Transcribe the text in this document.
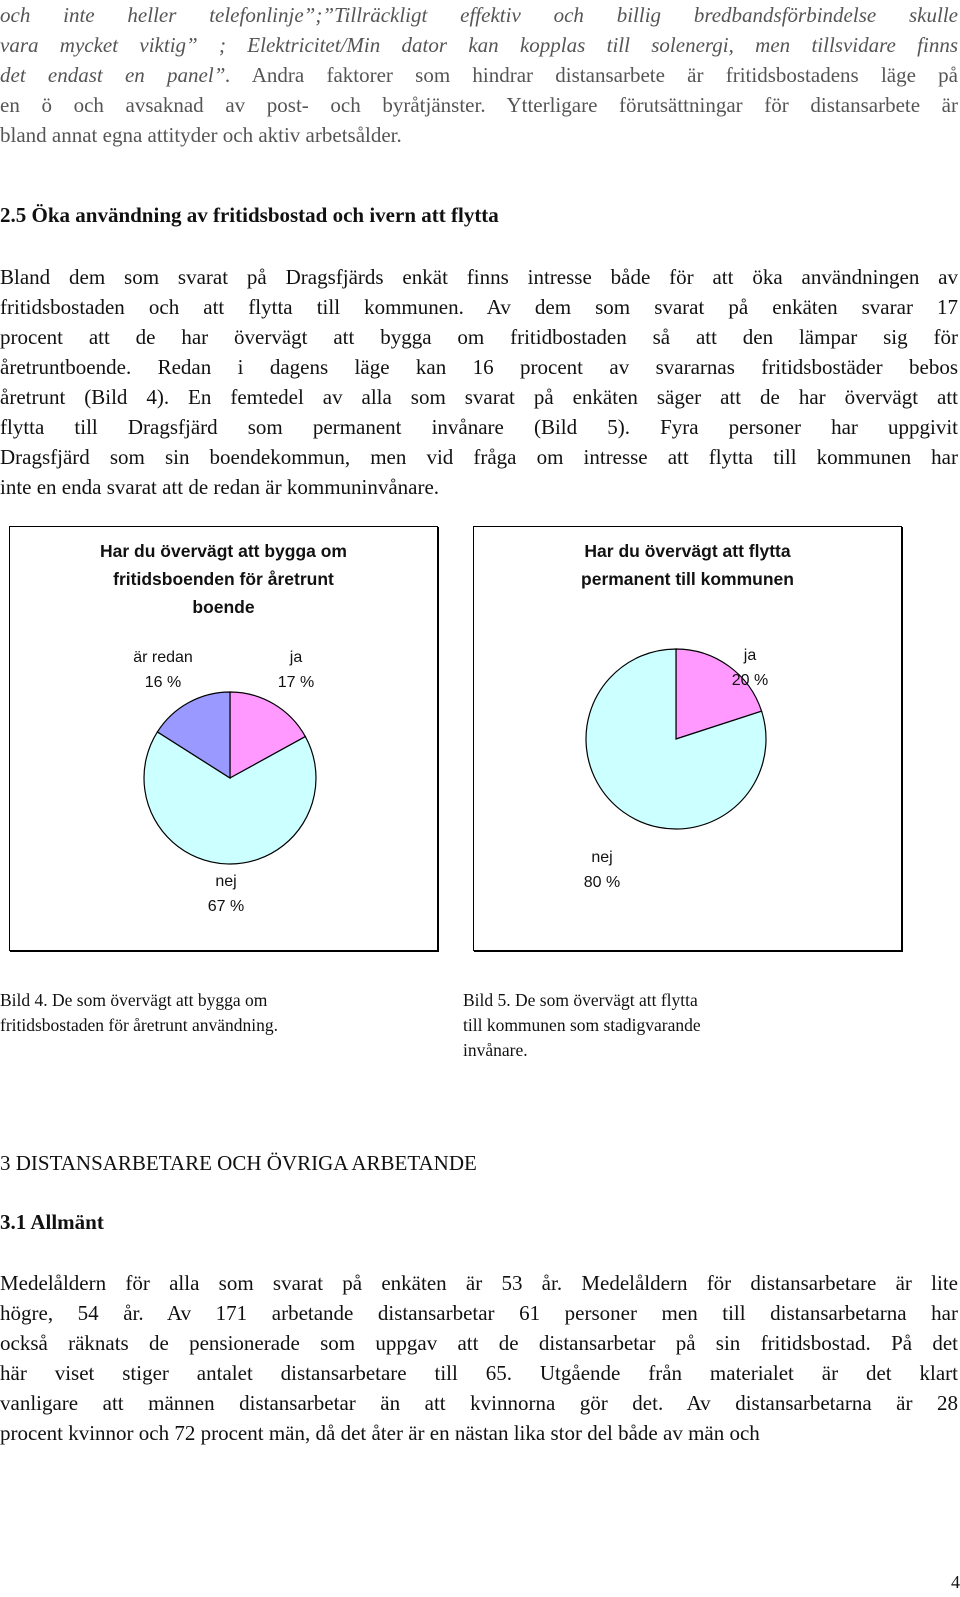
och inte heller telefonlinje”;”Tillräckligt effektiv och billig bredbandsförbindelse skulle
vara mycket viktig” ; Elektricitet/Min dator kan kopplas till solenergi, men tillsvidare finns
det endast en panel”. Andra faktorer som hindrar distansarbete är fritidsbostadens läge på
en ö och avsaknad av post- och byråtjänster. Ytterligare förutsättningar för distansarbete är
bland annat egna attityder och aktiv arbetsålder.
2.5 Öka användning av fritidsbostad och ivern att flytta
Bland dem som svarat på Dragsfjärds enkät finns intresse både för att öka användningen av
fritidsbostaden och att flytta till kommunen. Av dem som svarat på enkäten svarar 17
procent att de har övervägt att bygga om fritidbostaden så att den lämpar sig för
åretruntboende. Redan i dagens läge kan 16 procent av svararnas fritidsbostäder bebos
åretrunt (Bild 4). En femtedel av alla som svarat på enkäten säger att de har övervägt att
flytta till Dragsfjärd som permanent invånare (Bild 5). Fyra personer har uppgivit
Dragsfjärd som sin boendekommun, men vid fråga om intresse att flytta till kommunen har
inte en enda svarat att de redan är kommuninvånare.
Har du övervägt att bygga om
fritidsboenden för åretrunt
boende
är redan
16 %
ja
17 %
nej
67 %
Har du övervägt att flytta
permanent till kommunen
ja
20 %
nej
80 %
Bild 4. De som övervägt att bygga om
fritidsbostaden för åretrunt användning.
Bild 5. De som övervägt att flytta
till kommunen som stadigvarande
invånare.
3 DISTANSARBETARE OCH ÖVRIGA ARBETANDE
3.1 Allmänt
Medelåldern för alla som svarat på enkäten är 53 år. Medelåldern för distansarbetare är lite
högre, 54 år. Av 171 arbetande distansarbetar 61 personer men till distansarbetarna har
också räknats de pensionerade som uppgav att de distansarbetar på sin fritidsbostad. På det
här viset stiger antalet distansarbetare till 65. Utgående från materialet är det klart
vanligare att männen distansarbetar än att kvinnorna gör det. Av distansarbetarna är 28
procent kvinnor och 72 procent män, då det åter är en nästan lika stor del både av män och
4
